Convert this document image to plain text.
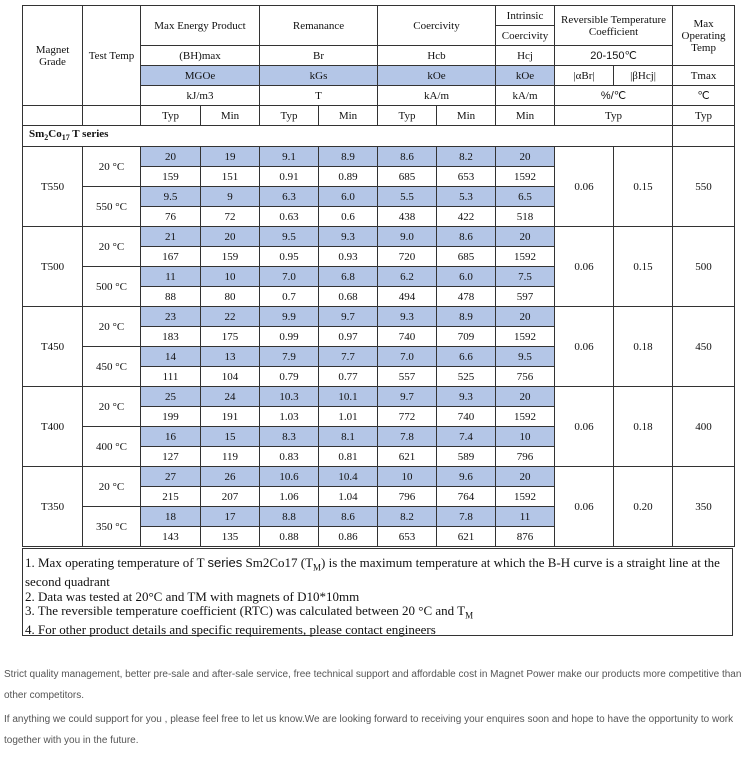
Magnet Grade	Test Temp	Max Energy Product		Remanance		Coercivity		Intrinsic	Reversible Temperature Coefficient		Max Operating Temp
								Coercivity			
		(BH)max		Br		Hcb		Hcj	20-150℃		
		MGOe		kGs		kOe		kOe	|αBr|	|βHcj|	Tmax
		kJ/m3		T		kA/m		kA/m	%/℃		℃
		Typ	Min	Typ	Min	Typ	Min	Min	Typ		Typ
$Sm_2Co_{17}$ T series											
T550	20 °C	20	19	9.1	8.9	8.6	8.2	20	0.06	0.15	550
		159	151	0.91	0.89	685	653	1592			
	550 °C	9.5	9	6.3	6.0	5.5	5.3	6.5			
		76	72	0.63	0.6	438	422	518			
T500	20 °C	21	20	9.5	9.3	9.0	8.6	20	0.06	0.15	500
		167	159	0.95	0.93	720	685	1592			
	500 °C	11	10	7.0	6.8	6.2	6.0	7.5			
		88	80	0.7	0.68	494	478	597			
T450	20 °C	23	22	9.9	9.7	9.3	8.9	20	0.06	0.18	450
		183	175	0.99	0.97	740	709	1592			
	450 °C	14	13	7.9	7.7	7.0	6.6	9.5			
		111	104	0.79	0.77	557	525	756			
T400	20 °C	25	24	10.3	10.1	9.7	9.3	20	0.06	0.18	400
		199	191	1.03	1.01	772	740	1592			
	400 °C	16	15	8.3	8.1	7.8	7.4	10			
		127	119	0.83	0.81	621	589	796			
T350	20 °C	27	26	10.6	10.4	10	9.6	20	0.06	0.20	350
		215	207	1.06	1.04	796	764	1592			
	350 °C	18	17	8.8	8.6	8.2	7.8	11			
		143	135	0.88	0.86	653	621	876			

1. Max operating temperature of T series Sm2Co17 $(T_M)$ is the maximum temperature at which the B-H curve is a straight line at the second quadrant

2. Data was tested at 20°C and TM with magnets of D10*10mm

3. The reversible temperature coefficient (RTC) was calculated between 20 °C and $T_M$

4. For other product details and specific requirements, please contact engineers

Strict quality management, better pre-sale and after-sale service, free technical support and affordable cost in Magnet Power make our products more competitive than other competitors.
If anything we could support for you , please feel free to let us know.We are looking forward to receiving your enquires soon and hope to have the opportunity to work together with you in the future.
